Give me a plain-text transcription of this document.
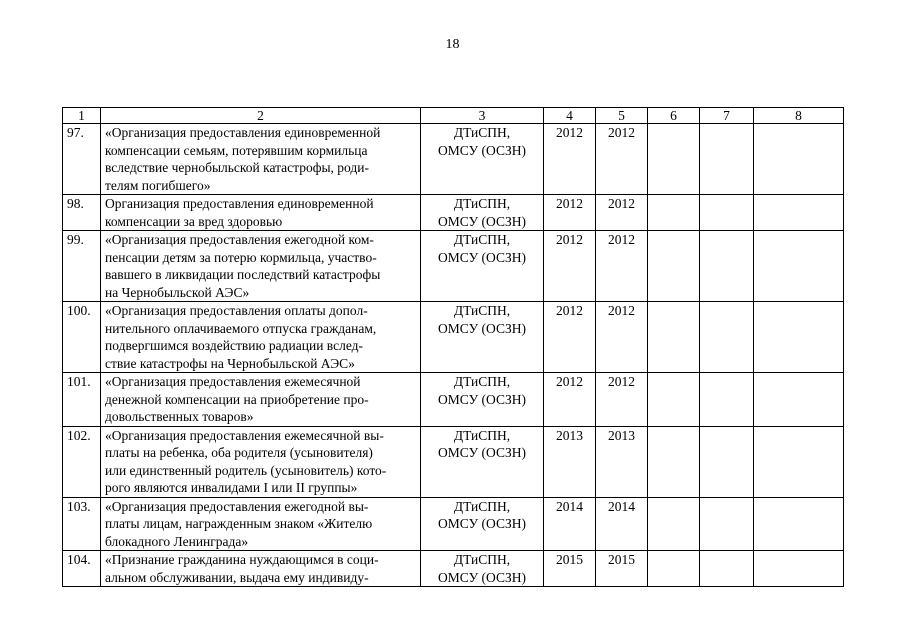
18
1	2	3	4	5	6	7	8
97.	«Организация предоставления единовременной
компенсации семьям, потерявшим кормильца
вследствие чернобыльской катастрофы, роди-
телям погибшего»	ДТиСПН,
ОМСУ (ОСЗН)	2012	2012			
98.	Организация предоставления единовременной
компенсации за вред здоровью	ДТиСПН,
ОМСУ (ОСЗН)	2012	2012			
99.	«Организация предоставления ежегодной ком-
пенсации детям за потерю кормильца, участво-
вавшего в ликвидации последствий катастрофы
на Чернобыльской АЭС»	ДТиСПН,
ОМСУ (ОСЗН)	2012	2012			
100.	«Организация предоставления оплаты допол-
нительного оплачиваемого отпуска гражданам,
подвергшимся воздействию радиации вслед-
ствие катастрофы на Чернобыльской АЭС»	ДТиСПН,
ОМСУ (ОСЗН)	2012	2012			
101.	«Организация предоставления ежемесячной
денежной компенсации на приобретение про-
довольственных товаров»	ДТиСПН,
ОМСУ (ОСЗН)	2012	2012			
102.	«Организация предоставления ежемесячной вы-
платы на ребенка, оба родителя (усыновителя)
или единственный родитель (усыновитель) кото-
рого являются инвалидами I или II группы»	ДТиСПН,
ОМСУ (ОСЗН)	2013	2013			
103.	«Организация предоставления ежегодной вы-
платы лицам, награжденным знаком «Жителю
блокадного Ленинграда»	ДТиСПН,
ОМСУ (ОСЗН)	2014	2014			
104.	«Признание гражданина нуждающимся в соци-
альном обслуживании, выдача ему индивиду-	ДТиСПН,
ОМСУ (ОСЗН)	2015	2015			
